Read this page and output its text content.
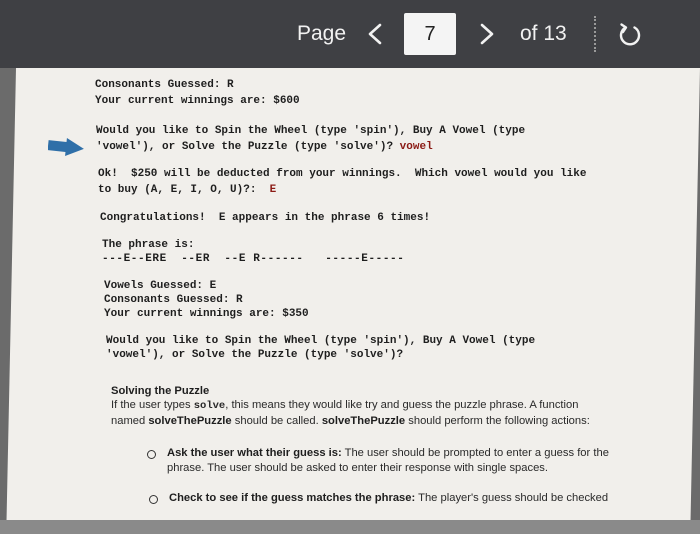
Page	7	of 13
Consonants Guessed: R
Your current winnings are: $600
Would you like to Spin the Wheel (type 'spin'), Buy A Vowel (type
'vowel'), or Solve the Puzzle (type 'solve')? vowel
Ok!  $250 will be deducted from your winnings.  Which vowel would you like
to buy (A, E, I, O, U)?: E
Congratulations!  E appears in the phrase 6 times!
The phrase is:
---E--ERE  --ER  --E R------   -----E-----
Vowels Guessed: E
Consonants Guessed: R
Your current winnings are: $350
Would you like to Spin the Wheel (type 'spin'), Buy A Vowel (type
'vowel'), or Solve the Puzzle (type 'solve')?
Solving the Puzzle
If the user types solve, this means they would like try and guess the puzzle phrase. A function
named solveThePuzzle should be called. solveThePuzzle should perform the following actions:
Ask the user what their guess is: The user should be prompted to enter a guess for the
phrase. The user should be asked to enter their response with single spaces.
Check to see if the guess matches the phrase: The player's guess should be checked
